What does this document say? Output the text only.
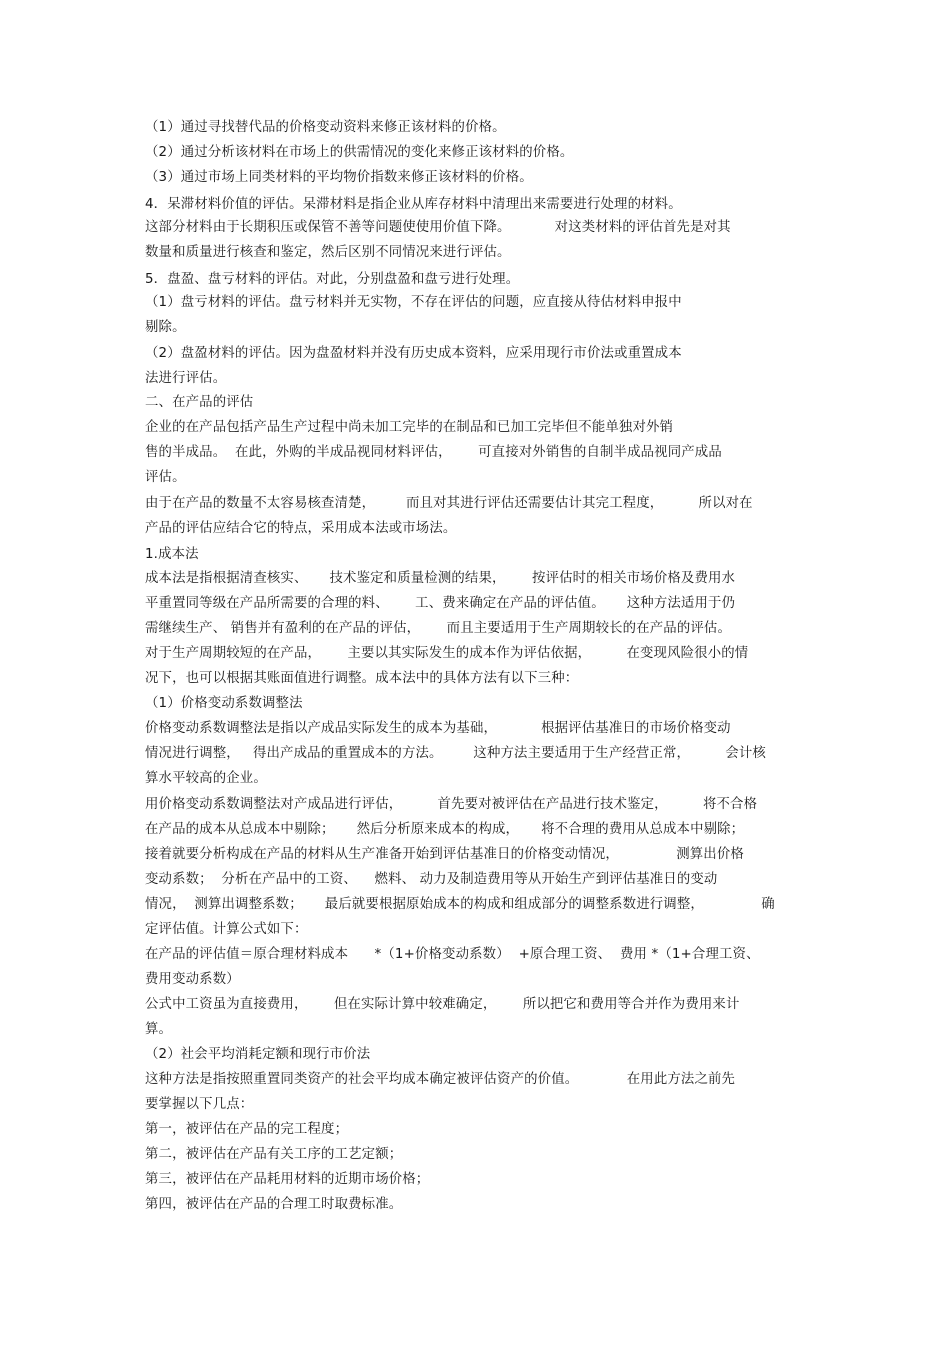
（1）通过寻找替代品的价格变动资料来修正该材料的价格。
（2）通过分析该材料在市场上的供需情况的变化来修正该材料的价格。
（3）通过市场上同类材料的平均物价指数来修正该材料的价格。
4．呆滞材料价值的评估。呆滞材料是指企业从库存材料中清理出来需要进行处理的材料。
这部分材料由于长期积压或保管不善等问题使使用价值下降。          对这类材料的评估首先是对其
数量和质量进行核查和鉴定，然后区别不同情况来进行评估。
5．盘盈、盘亏材料的评估。对此，分别盘盈和盘亏进行处理。
（1）盘亏材料的评估。盘亏材料并无实物，不存在评估的问题，应直接从待估材料申报中
剔除。
（2）盘盈材料的评估。因为盘盈材料并没有历史成本资料，应采用现行市价法或重置成本
法进行评估。
二、在产品的评估
企业的在产品包括产品生产过程中尚未加工完毕的在制品和已加工完毕但不能单独对外销
售的半成品。  在此，外购的半成品视同材料评估，      可直接对外销售的自制半成品视同产成品
评估。
由于在产品的数量不太容易核查清楚，       而且对其进行评估还需要估计其完工程度，        所以对在
产品的评估应结合它的特点，采用成本法或市场法。
1.成本法
成本法是指根据清查核实、     技术鉴定和质量检测的结果，      按评估时的相关市场价格及费用水
平重置同等级在产品所需要的合理的料、      工、费来确定在产品的评估值。     这种方法适用于仍
需继续生产、 销售并有盈利的在产品的评估，      而且主要适用于生产周期较长的在产品的评估。
对于生产周期较短的在产品，      主要以其实际发生的成本作为评估依据，        在变现风险很小的情
况下，也可以根据其账面值进行调整。成本法中的具体方法有以下三种：
（1）价格变动系数调整法
价格变动系数调整法是指以产成品实际发生的成本为基础，          根据评估基准日的市场价格变动
情况进行调整，   得出产成品的重置成本的方法。       这种方法主要适用于生产经营正常，        会计核
算水平较高的企业。
用价格变动系数调整法对产成品进行评估，        首先要对被评估在产品进行技术鉴定，        将不合格
在产品的成本从总成本中剔除；     然后分析原来成本的构成，     将不合理的费用从总成本中剔除；
接着就要分析构成在产品的材料从生产准备开始到评估基准日的价格变动情况，             测算出价格
变动系数；  分析在产品中的工资、    燃料、 动力及制造费用等从开始生产到评估基准日的变动
情况，  测算出调整系数；     最后就要根据原始成本的构成和组成部分的调整系数进行调整，             确
定评估值。计算公式如下：
在产品的评估值＝原合理材料成本      *（1+价格变动系数）  +原合理工资、  费用 *（1+合理工资、
费用变动系数）
公式中工资虽为直接费用，      但在实际计算中较难确定，      所以把它和费用等合并作为费用来计
算。
（2）社会平均消耗定额和现行市价法
这种方法是指按照重置同类资产的社会平均成本确定被评估资产的价值。           在用此方法之前先
要掌握以下几点：
第一，被评估在产品的完工程度；
第二，被评估在产品有关工序的工艺定额；
第三，被评估在产品耗用材料的近期市场价格；
第四，被评估在产品的合理工时取费标准。
